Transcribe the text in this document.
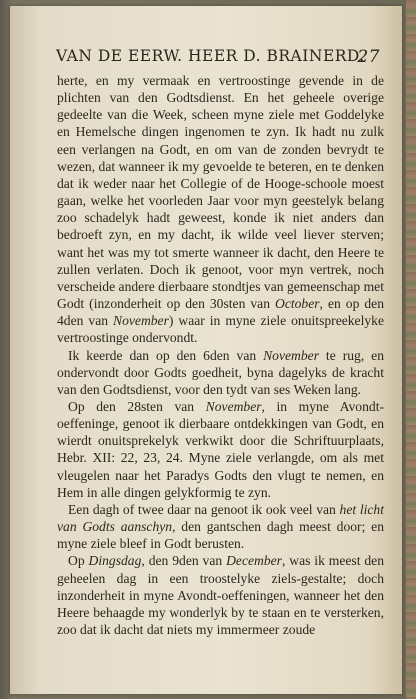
VAN DE EERW. HEER D. BRAINERD.
27

herte, en my vermaak en vertroostinge gevende in de plichten van den Godtsdienst. En het geheele overige gedeelte van die Week, scheen myne ziele met Goddelyke en Hemelsche dingen ingenomen te zyn. Ik hadt nu zulk een verlangen na Godt, en om van de zonden bevrydt te wezen, dat wanneer ik my gevoelde te beteren, en te denken dat ik weder naar het Collegie of de Hooge-schoole moest gaan, welke het voorleden Jaar voor myn geestelyk belang zoo schadelyk hadt geweest, konde ik niet anders dan bedroeft zyn, en my dacht, ik wilde veel liever sterven; want het was my tot smerte wanneer ik dacht, den Heere te zullen verlaten. Doch ik genoot, voor myn vertrek, noch verscheide andere dierbaare stondtjes van gemeenschap met Godt (inzonderheit op den 30sten van October, en op den 4den van November) waar in myne ziele onuitspreekelyke vertroostinge ondervondt.

Ik keerde dan op den 6den van November te rug, en ondervondt door Godts goedheit, byna dagelyks de kracht van den Godtsdienst, voor den tydt van ses Weken lang.

Op den 28sten van November, in myne Avondt-oeffeninge, genoot ik dierbaare ontdekkingen van Godt, en wierdt onuitsprekelyk verkwikt door die Schriftuurplaats, Hebr. XII: 22, 23, 24. Myne ziele verlangde, om als met vleugelen naar het Paradys Godts den vlugt te nemen, en Hem in alle dingen gelykformig te zyn.

Een dagh of twee daar na genoot ik ook veel van het licht van Godts aanschyn, den gantschen dagh meest door; en myne ziele bleef in Godt berusten.

Op Dingsdag, den 9den van December, was ik meest den geheelen dag in een troostelyke ziels-gestalte; doch inzonderheit in myne Avondt-oeffeningen, wanneer het den Heere behaagde my wonderlyk by te staan en te versterken, zoo dat ik dacht dat niets my immermeer zoude
